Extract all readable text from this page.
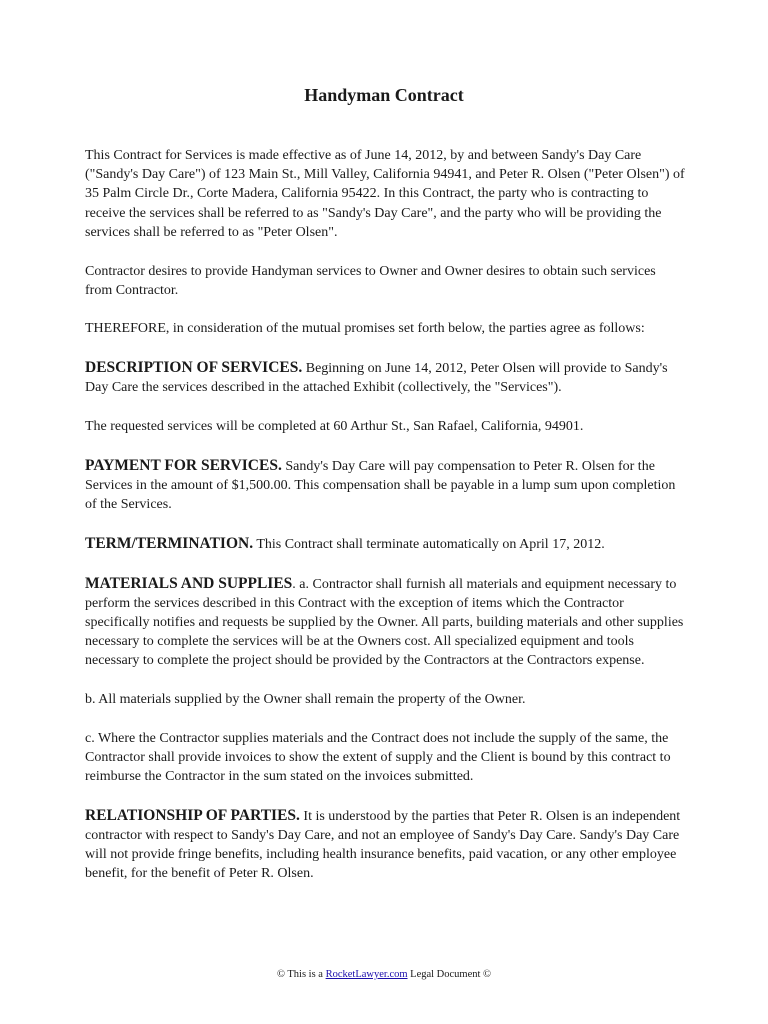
Handyman Contract

This Contract for Services is made effective as of June 14, 2012, by and between Sandy's Day Care ("Sandy's Day Care") of 123 Main St., Mill Valley, California 94941, and Peter R. Olsen ("Peter Olsen") of 35 Palm Circle Dr., Corte Madera, California 95422. In this Contract, the party who is contracting to receive the services shall be referred to as "Sandy's Day Care", and the party who will be providing the services shall be referred to as "Peter Olsen".

Contractor desires to provide Handyman services to Owner and Owner desires to obtain such services from Contractor.

THEREFORE, in consideration of the mutual promises set forth below, the parties agree as follows:

DESCRIPTION OF SERVICES. Beginning on June 14, 2012, Peter Olsen will provide to Sandy's Day Care the services described in the attached Exhibit (collectively, the "Services").

The requested services will be completed at 60 Arthur St., San Rafael, California, 94901.

PAYMENT FOR SERVICES. Sandy's Day Care will pay compensation to Peter R. Olsen for the Services in the amount of $1,500.00. This compensation shall be payable in a lump sum upon completion of the Services.

TERM/TERMINATION. This Contract shall terminate automatically on April 17, 2012.

MATERIALS AND SUPPLIES. a. Contractor shall furnish all materials and equipment necessary to perform the services described in this Contract with the exception of items which the Contractor specifically notifies and requests be supplied by the Owner. All parts, building materials and other supplies necessary to complete the services will be at the Owners cost. All specialized equipment and tools necessary to complete the project should be provided by the Contractors at the Contractors expense.

b. All materials supplied by the Owner shall remain the property of the Owner.

c. Where the Contractor supplies materials and the Contract does not include the supply of the same, the Contractor shall provide invoices to show the extent of supply and the Client is bound by this contract to reimburse the Contractor in the sum stated on the invoices submitted.

RELATIONSHIP OF PARTIES. It is understood by the parties that Peter R. Olsen is an independent contractor with respect to Sandy's Day Care, and not an employee of Sandy's Day Care. Sandy's Day Care will not provide fringe benefits, including health insurance benefits, paid vacation, or any other employee benefit, for the benefit of Peter R. Olsen.

© This is a RocketLawyer.com Legal Document ©
